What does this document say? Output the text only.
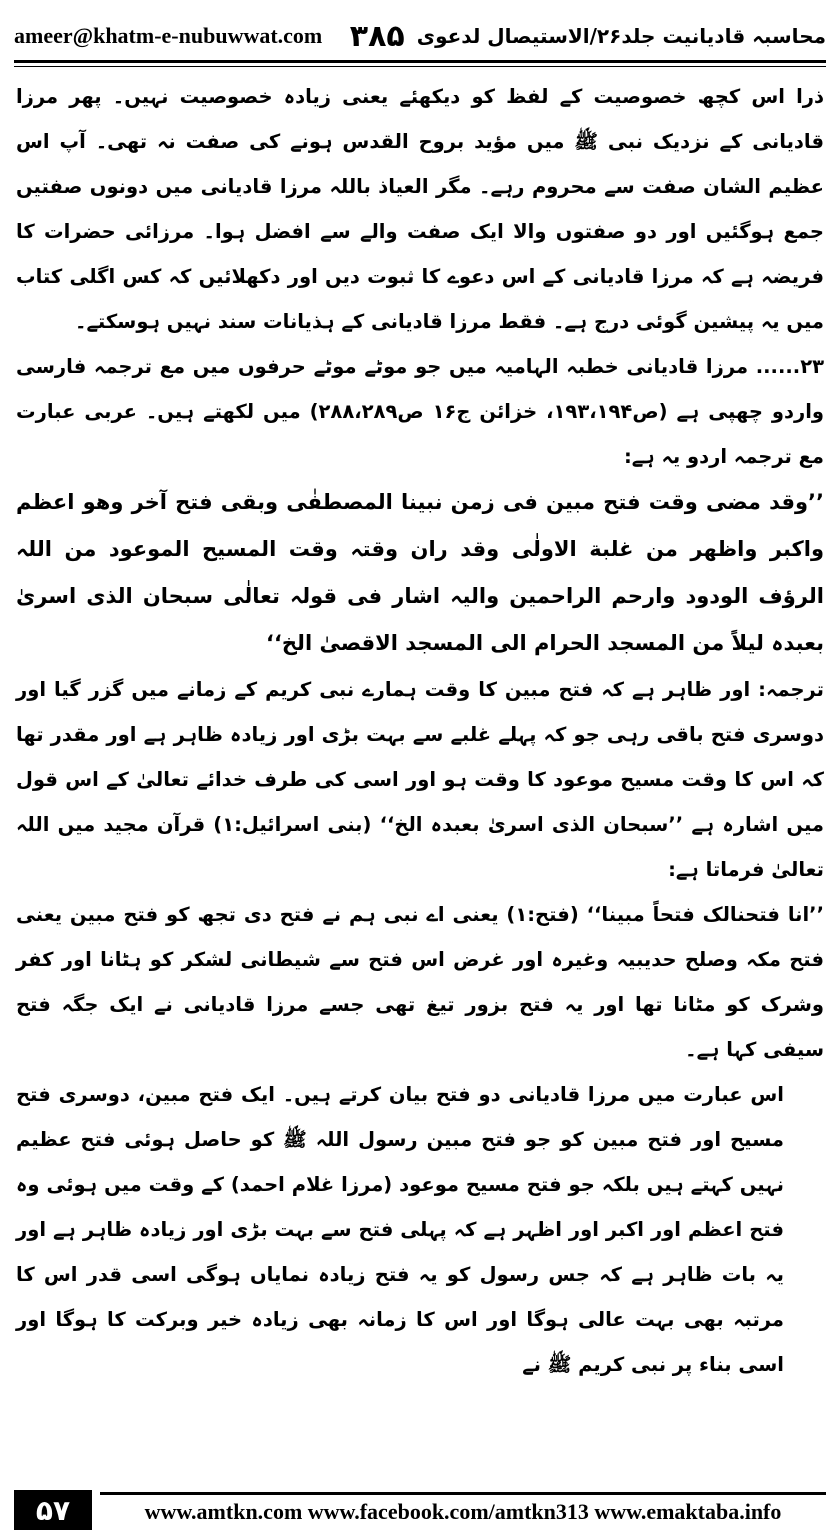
ameer@khatm-e-nubuwwat.com	محاسبہ قادیانیت جلد۲۶/الاستیصال لدعوی
۳۸۵

ذرا اس کچھ خصوصیت کے لفظ کو دیکھئے یعنی زیادہ خصوصیت نہیں۔ پھر مرزا قادیانی کے نزدیک نبی ﷺ میں مؤید بروح القدس ہونے کی صفت نہ تھی۔ آپ اس عظیم الشان صفت سے محروم رہے۔ مگر العیاذ باللہ مرزا قادیانی میں دونوں صفتیں جمع ہوگئیں اور دو صفتوں والا ایک صفت والے سے افضل ہوا۔ مرزائی حضرات کا فریضہ ہے کہ مرزا قادیانی کے اس دعوے کا ثبوت دیں اور دکھلائیں کہ کس اگلی کتاب میں یہ پیشین گوئی درج ہے۔ فقط مرزا قادیانی کے ہذیانات سند نہیں ہوسکتے۔

۲۳...... مرزا قادیانی خطبہ الہامیہ میں جو موٹے موٹے حرفوں میں مع ترجمہ فارسی واردو چھپی ہے (ص۱۹۳،۱۹۴، خزائن ج۱۶ ص۲۸۸،۲۸۹) میں لکھتے ہیں۔ عربی عبارت مع ترجمہ اردو یہ ہے:

’’وقد مضی وقت فتح مبین فی زمن نبینا المصطفٰی وبقی فتح آخر وھو اعظم واکبر واظھر من غلبة الاولٰی وقد ران وقتہ وقت المسیح الموعود من اللہ الرؤف الودود وارحم الراحمین والیہ اشار فی قولہ تعالٰی سبحان الذی اسریٰ بعبدہ لیلاً من المسجد الحرام الی المسجد الاقصیٰ الخ‘‘

ترجمہ: اور ظاہر ہے کہ فتح مبین کا وقت ہمارے نبی کریم کے زمانے میں گزر گیا اور دوسری فتح باقی رہی جو کہ پہلے غلبے سے بہت بڑی اور زیادہ ظاہر ہے اور مقدر تھا کہ اس کا وقت مسیح موعود کا وقت ہو اور اسی کی طرف خدائے تعالیٰ کے اس قول میں اشارہ ہے ’’سبحان الذی اسریٰ بعبدہ الخ‘‘ (بنی اسرائیل:۱) قرآن مجید میں اللہ تعالیٰ فرماتا ہے:

’’انا فتحنالک فتحاً مبینا‘‘ (فتح:۱) یعنی اے نبی ہم نے فتح دی تجھ کو فتح مبین یعنی فتح مکہ وصلح حدیبیہ وغیرہ اور غرض اس فتح سے شیطانی لشکر کو ہٹانا اور کفر وشرک کو مٹانا تھا اور یہ فتح بزور تیغ تھی جسے مرزا قادیانی نے ایک جگہ فتح سیفی کہا ہے۔

اس عبارت میں مرزا قادیانی دو فتح بیان کرتے ہیں۔ ایک فتح مبین، دوسری فتح مسیح اور فتح مبین کو جو فتح مبین رسول اللہ ﷺ کو حاصل ہوئی فتح عظیم نہیں کہتے ہیں بلکہ جو فتح مسیح موعود (مرزا غلام احمد) کے وقت میں ہوئی وہ فتح اعظم اور اکبر اور اظہر ہے کہ پہلی فتح سے بہت بڑی اور زیادہ ظاہر ہے اور یہ بات ظاہر ہے کہ جس رسول کو یہ فتح زیادہ نمایاں ہوگی اسی قدر اس کا مرتبہ بھی بہت عالی ہوگا اور اس کا زمانہ بھی زیادہ خیر وبرکت کا ہوگا اور اسی بناء پر نبی کریم ﷺ نے

۵۷	www.amtkn.com www.facebook.com/amtkn313 www.emaktaba.info
